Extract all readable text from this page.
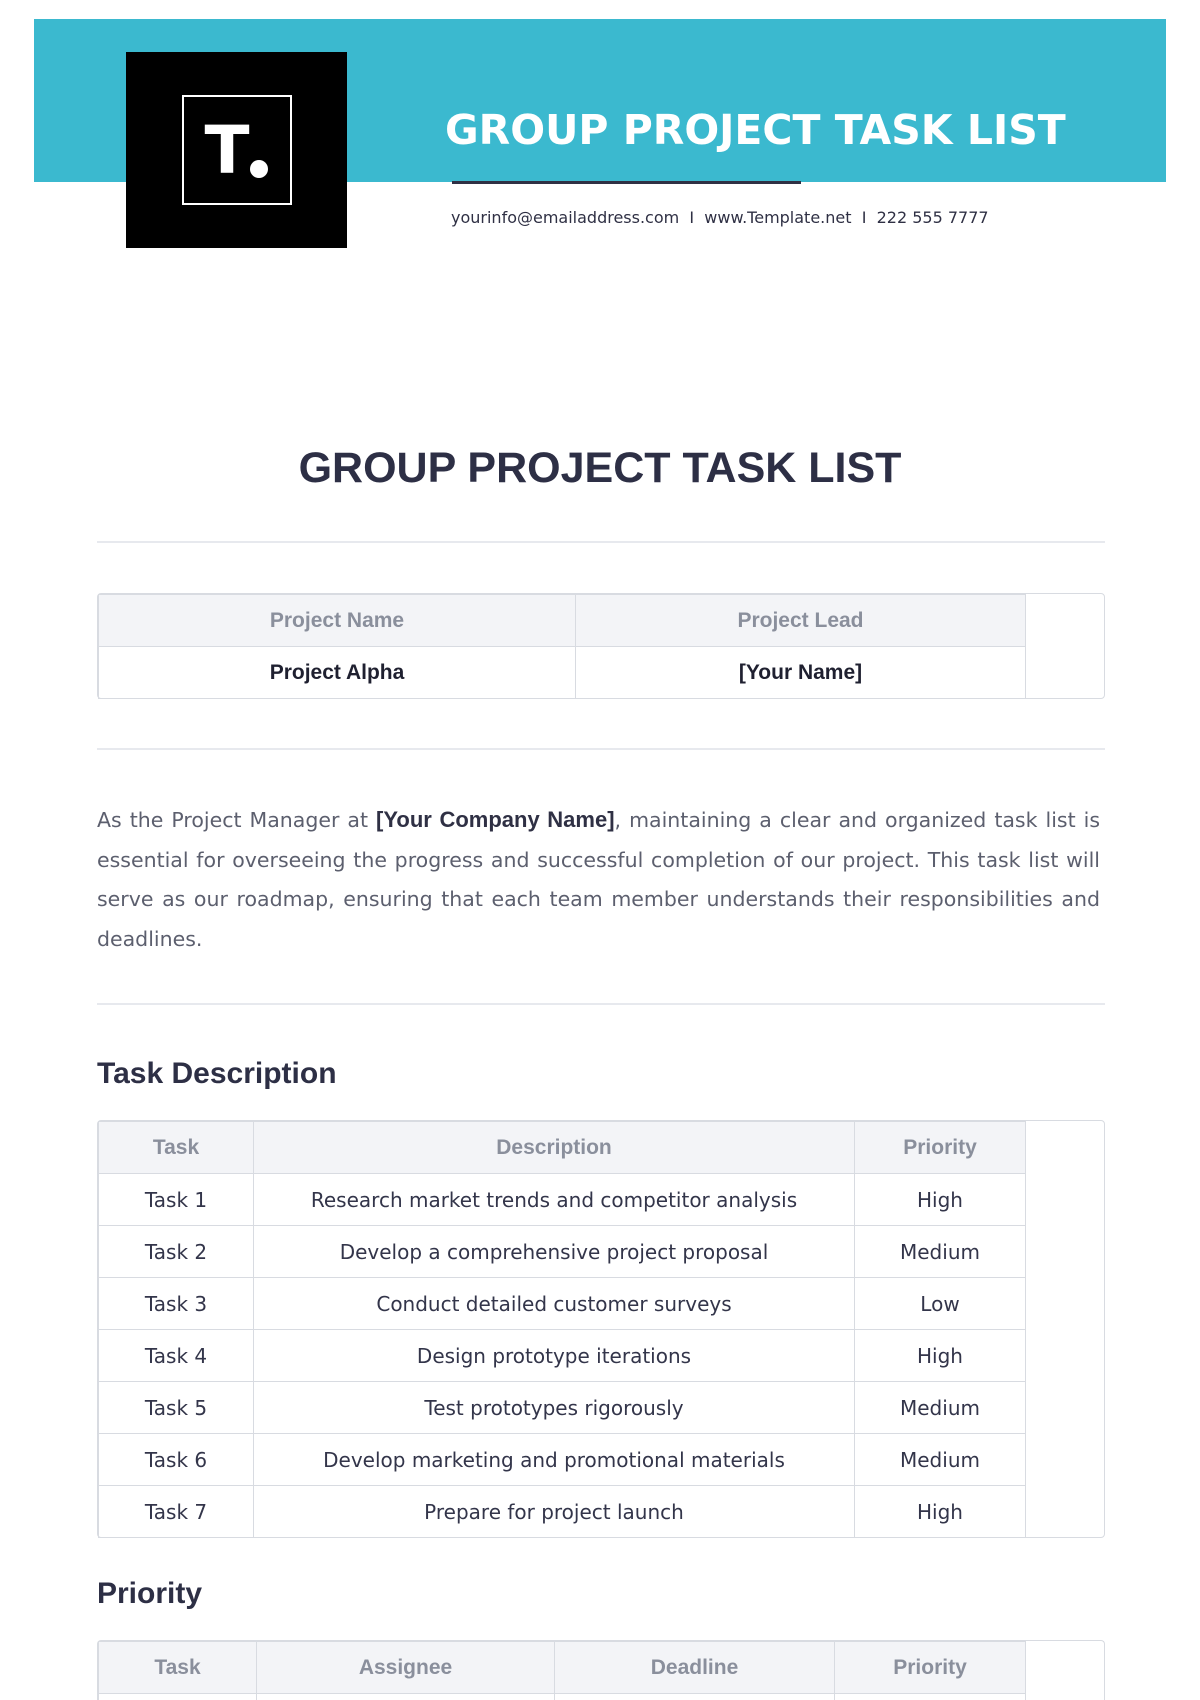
T	GROUP PROJECT TASK LIST
yourinfo@emailaddress.com  I  www.Template.net  I  222 555 7777
GROUP PROJECT TASK LIST
Project Name	Project Lead
Project Alpha	[Your Name]

As the Project Manager at [Your Company Name], maintaining a clear and organized task list is essential for overseeing the progress and successful completion of our project. This task list will serve as our roadmap, ensuring that each team member understands their responsibilities and deadlines.

Task Description
Task	Description	Priority
Task 1	Research market trends and competitor analysis	High
Task 2	Develop a comprehensive project proposal	Medium
Task 3	Conduct detailed customer surveys	Low
Task 4	Design prototype iterations	High
Task 5	Test prototypes rigorously	Medium
Task 6	Develop marketing and promotional materials	Medium
Task 7	Prepare for project launch	High
Priority
Task	Assignee	Deadline	Priority
